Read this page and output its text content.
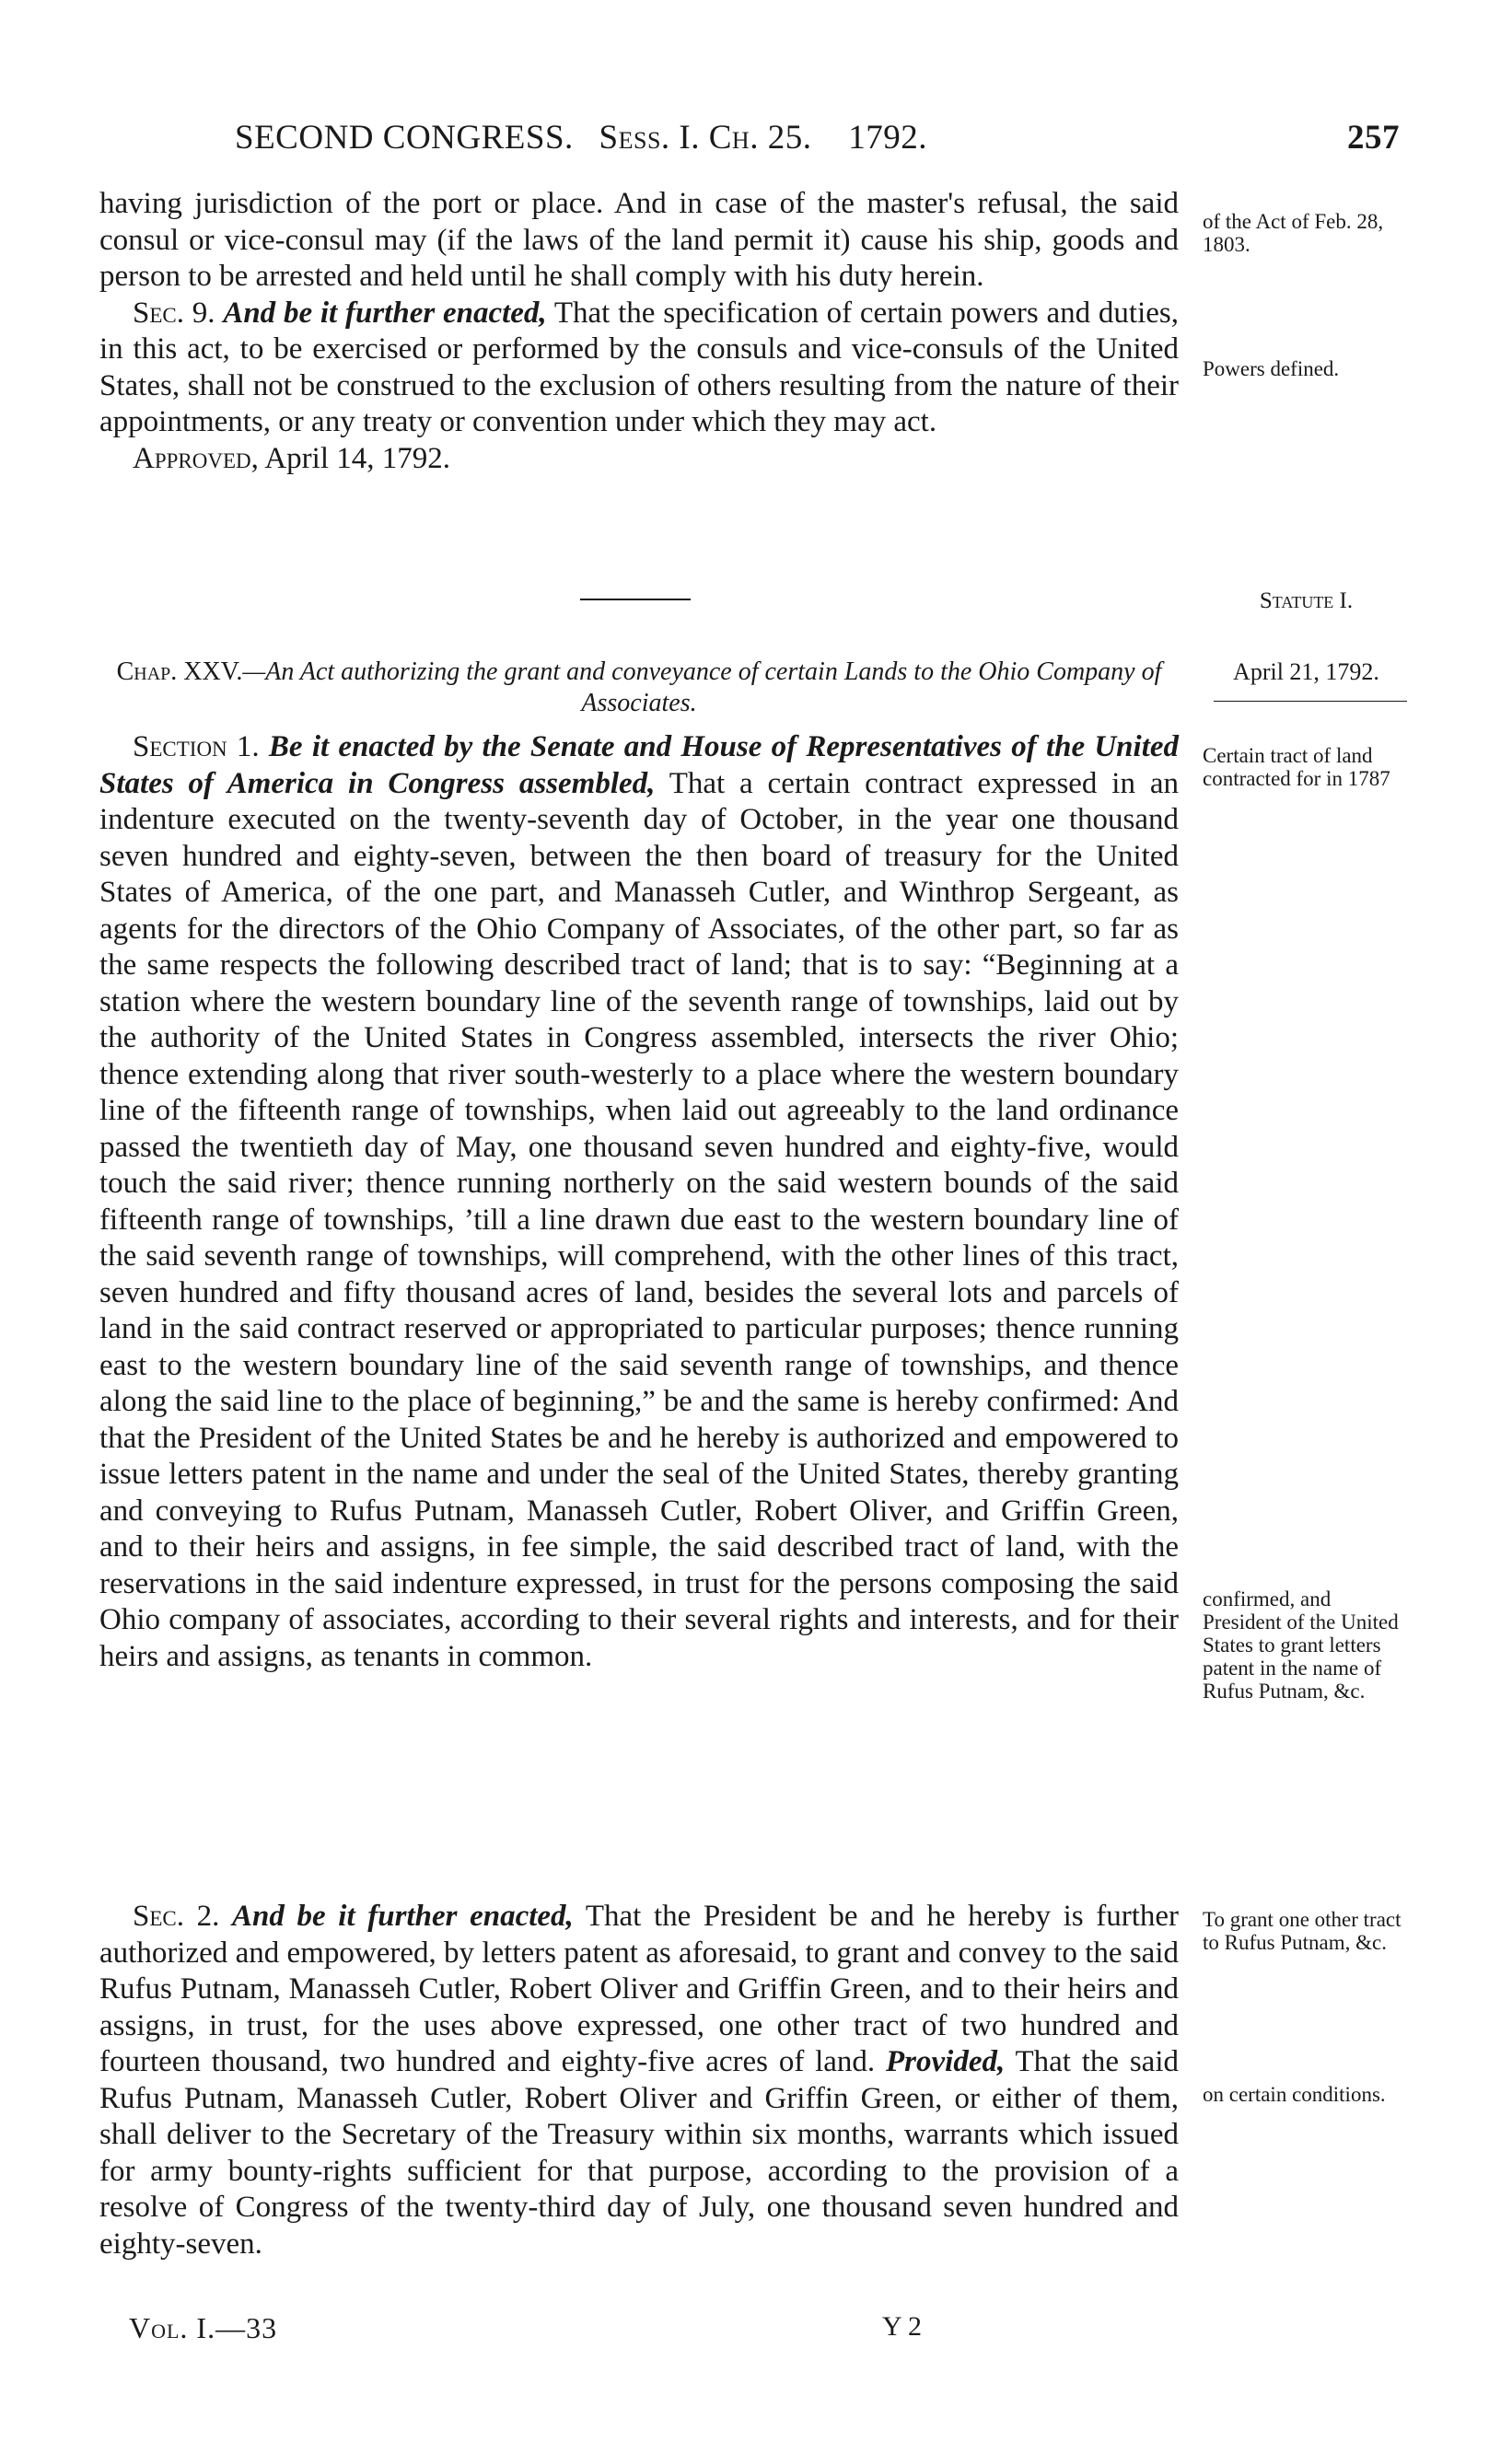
SECOND CONGRESS. Sess. I. Ch. 25. 1792.	257

having jurisdiction of the port or place. And in case of the master's refusal, the said consul or vice-consul may (if the laws of the land permit it) cause his ship, goods and person to be arrested and held until he shall comply with his duty herein.

Sec. 9. And be it further enacted, That the specification of certain powers and duties, in this act, to be exercised or performed by the consuls and vice-consuls of the United States, shall not be construed to the exclusion of others resulting from the nature of their appointments, or any treaty or convention under which they may act.

Approved, April 14, 1792.

Statute I.
Chap. XXV.—An Act authorizing the grant and conveyance of certain Lands to the Ohio Company of Associates.
April 21, 1792.

Section 1. Be it enacted by the Senate and House of Representatives of the United States of America in Congress assembled, That a certain contract expressed in an indenture executed on the twenty-seventh day of October, in the year one thousand seven hundred and eighty-seven, between the then board of treasury for the United States of America, of the one part, and Manasseh Cutler, and Winthrop Sergeant, as agents for the directors of the Ohio Company of Associates, of the other part, so far as the same respects the following described tract of land; that is to say: “Beginning at a station where the western boundary line of the seventh range of townships, laid out by the authority of the United States in Congress assembled, intersects the river Ohio; thence extending along that river south-westerly to a place where the western boundary line of the fifteenth range of townships, when laid out agreeably to the land ordinance passed the twentieth day of May, one thousand seven hundred and eighty-five, would touch the said river; thence running northerly on the said western bounds of the said fifteenth range of townships, ’till a line drawn due east to the western boundary line of the said seventh range of townships, will comprehend, with the other lines of this tract, seven hundred and fifty thousand acres of land, besides the several lots and parcels of land in the said contract reserved or appropriated to particular purposes; thence running east to the western boundary line of the said seventh range of townships, and thence along the said line to the place of beginning,” be and the same is hereby confirmed: And that the President of the United States be and he hereby is authorized and empowered to issue letters patent in the name and under the seal of the United States, thereby granting and conveying to Rufus Putnam, Manasseh Cutler, Robert Oliver, and Griffin Green, and to their heirs and assigns, in fee simple, the said described tract of land, with the reservations in the said indenture expressed, in trust for the persons composing the said Ohio company of associates, according to their several rights and interests, and for their heirs and assigns, as tenants in common.

Sec. 2. And be it further enacted, That the President be and he hereby is further authorized and empowered, by letters patent as aforesaid, to grant and convey to the said Rufus Putnam, Manasseh Cutler, Robert Oliver and Griffin Green, and to their heirs and assigns, in trust, for the uses above expressed, one other tract of two hundred and fourteen thousand, two hundred and eighty-five acres of land. Provided, That the said Rufus Putnam, Manasseh Cutler, Robert Oliver and Griffin Green, or either of them, shall deliver to the Secretary of the Treasury within six months, warrants which issued for army bounty-rights sufficient for that purpose, according to the provision of a resolve of Congress of the twenty-third day of July, one thousand seven hundred and eighty-seven.

of the Act of Feb. 28, 1803.
Powers defined.
Certain tract of land contracted for in 1787
confirmed, and President of the United States to grant letters patent in the name of Rufus Putnam, &c.
To grant one other tract to Rufus Putnam, &c.
on certain conditions.
Vol. I.—33	Y 2
